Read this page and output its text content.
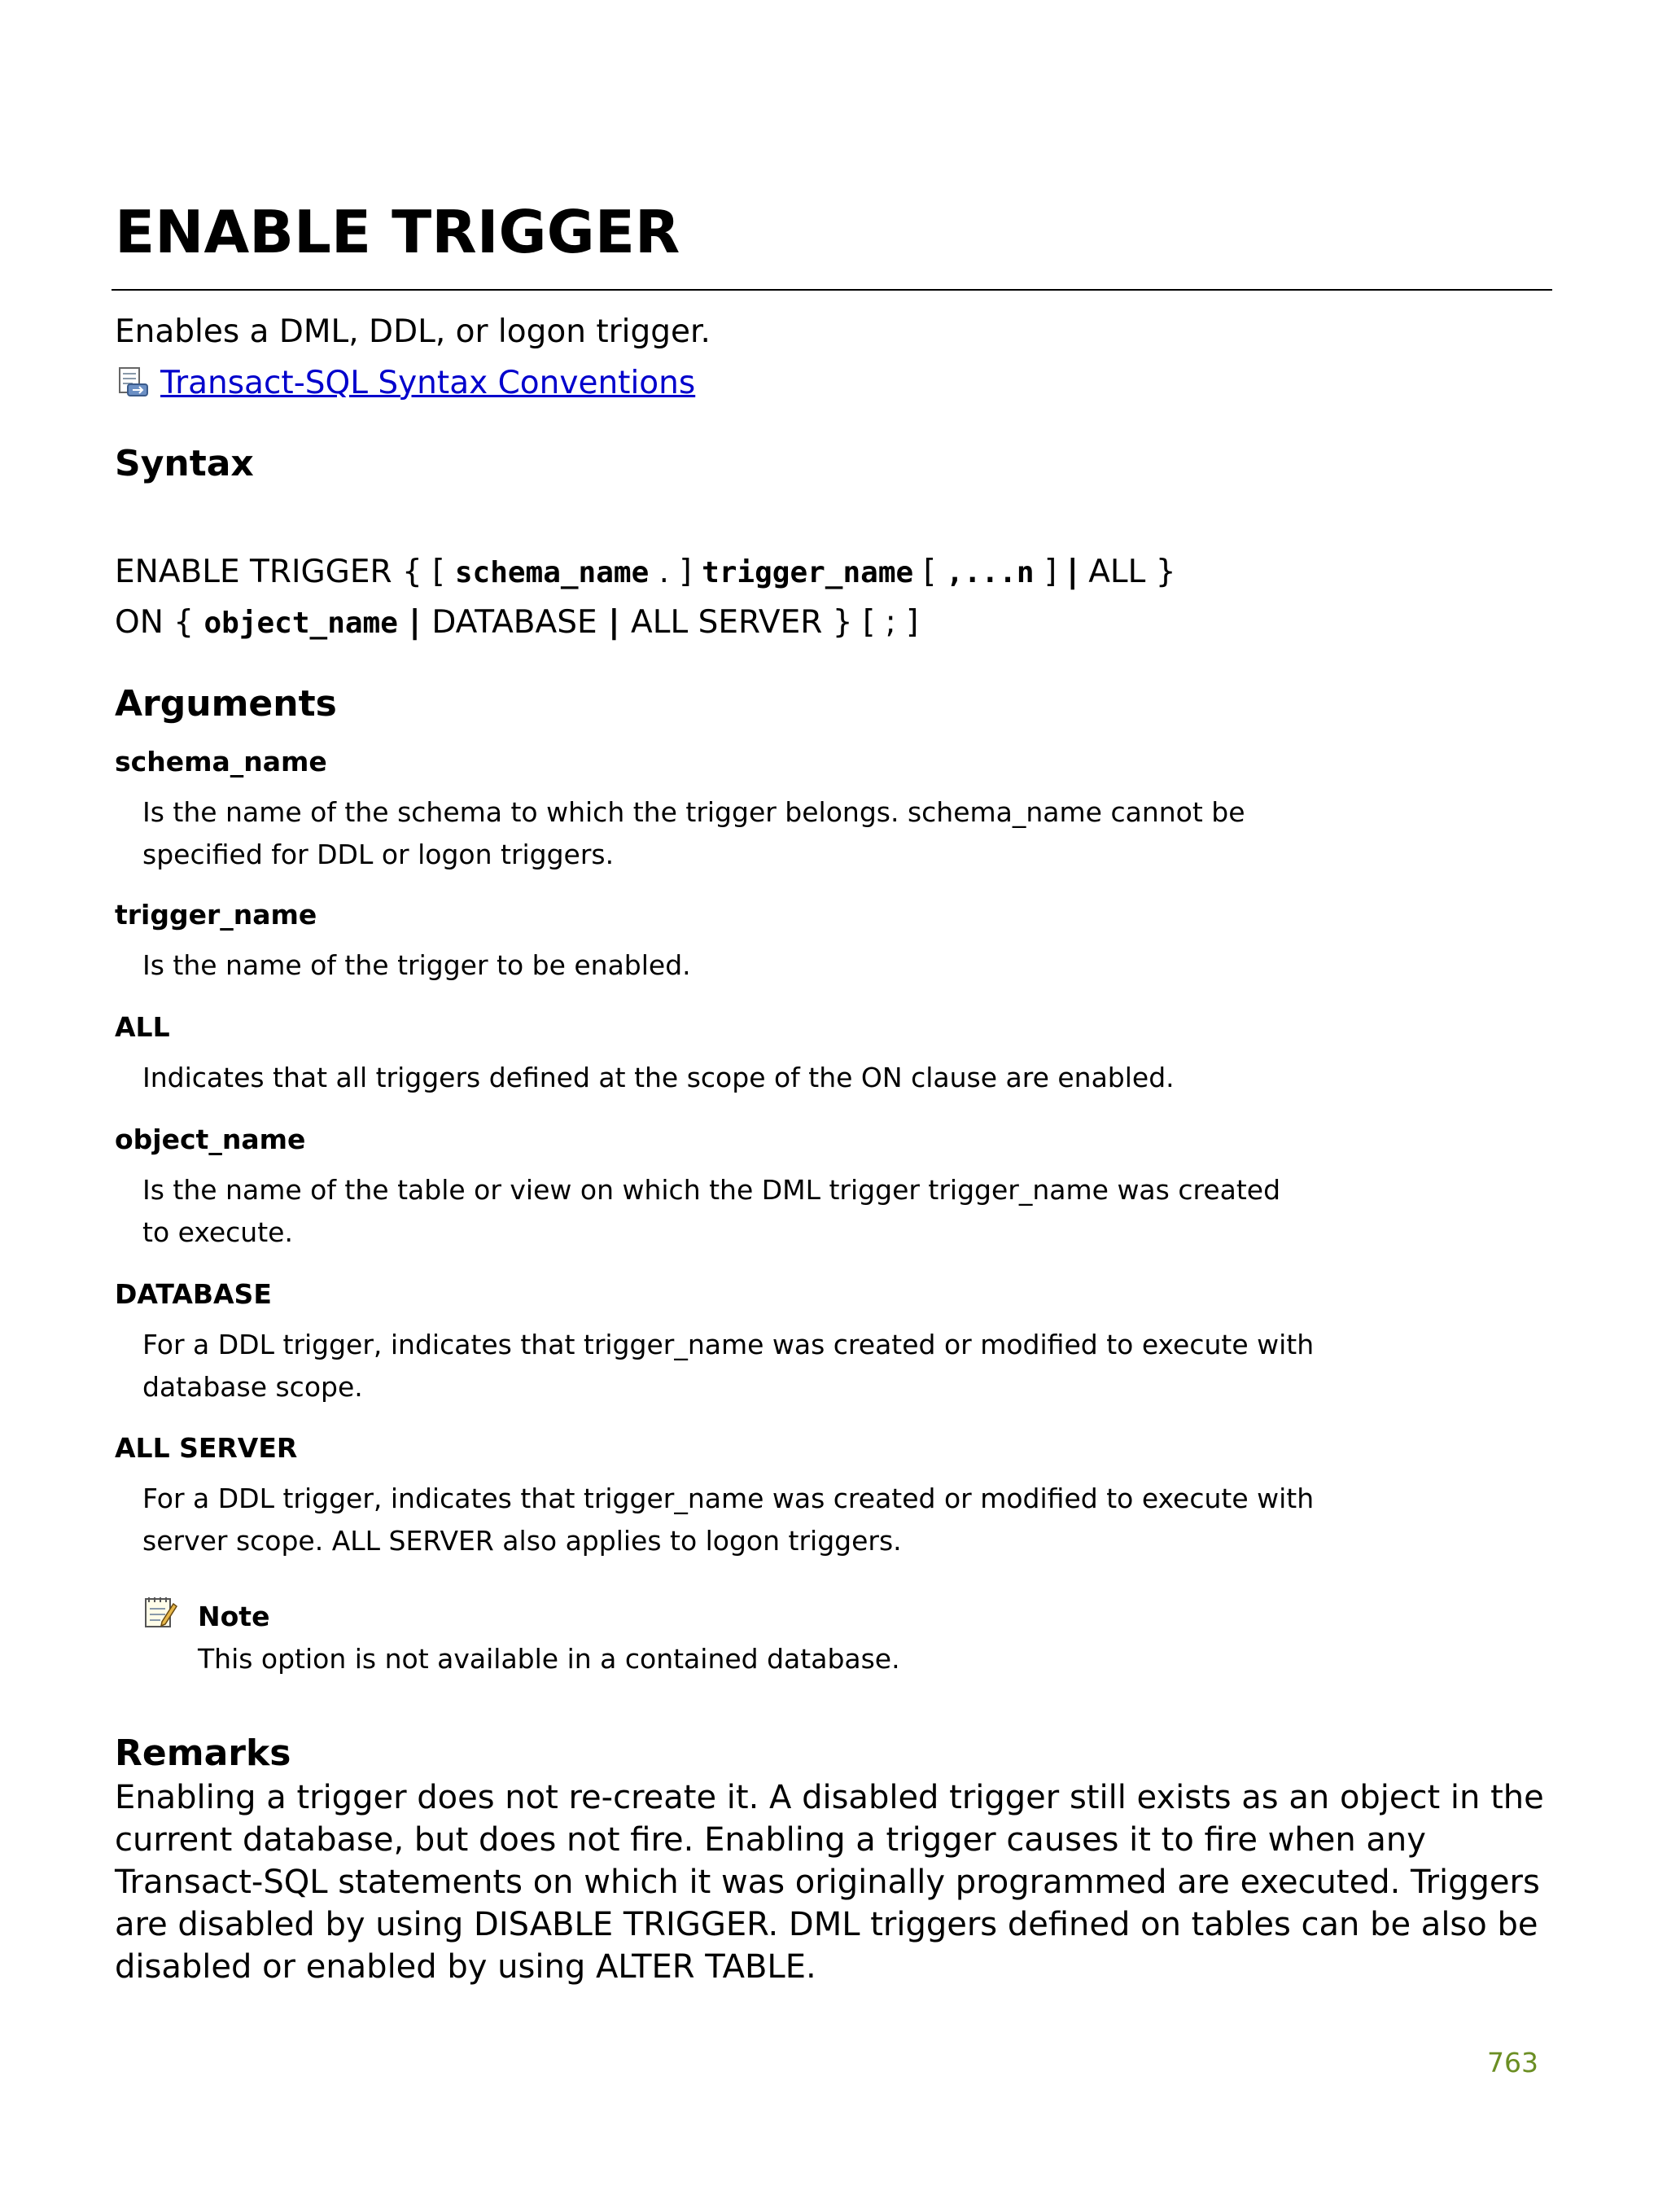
ENABLE TRIGGER

Enables a DML, DDL, or logon trigger.

Transact-SQL Syntax Conventions
Syntax

ENABLE TRIGGER { [ schema_name . ] trigger_name [ ,...n ] | ALL }

ON { object_name | DATABASE | ALL SERVER } [ ; ]

Arguments

schema_name

Is the name of the schema to which the trigger belongs. schema_name cannot be specified for DDL or logon triggers.

trigger_name

Is the name of the trigger to be enabled.

ALL

Indicates that all triggers defined at the scope of the ON clause are enabled.

object_name

Is the name of the table or view on which the DML trigger trigger_name was created to execute.

DATABASE

For a DDL trigger, indicates that trigger_name was created or modified to execute with database scope.

ALL SERVER

For a DDL trigger, indicates that trigger_name was created or modified to execute with server scope. ALL SERVER also applies to logon triggers.

Note

This option is not available in a contained database.

Remarks

Enabling a trigger does not re-create it. A disabled trigger still exists as an object in the current database, but does not fire. Enabling a trigger causes it to fire when any Transact-SQL statements on which it was originally programmed are executed. Triggers are disabled by using DISABLE TRIGGER. DML triggers defined on tables can be also be disabled or enabled by using ALTER TABLE.

763
